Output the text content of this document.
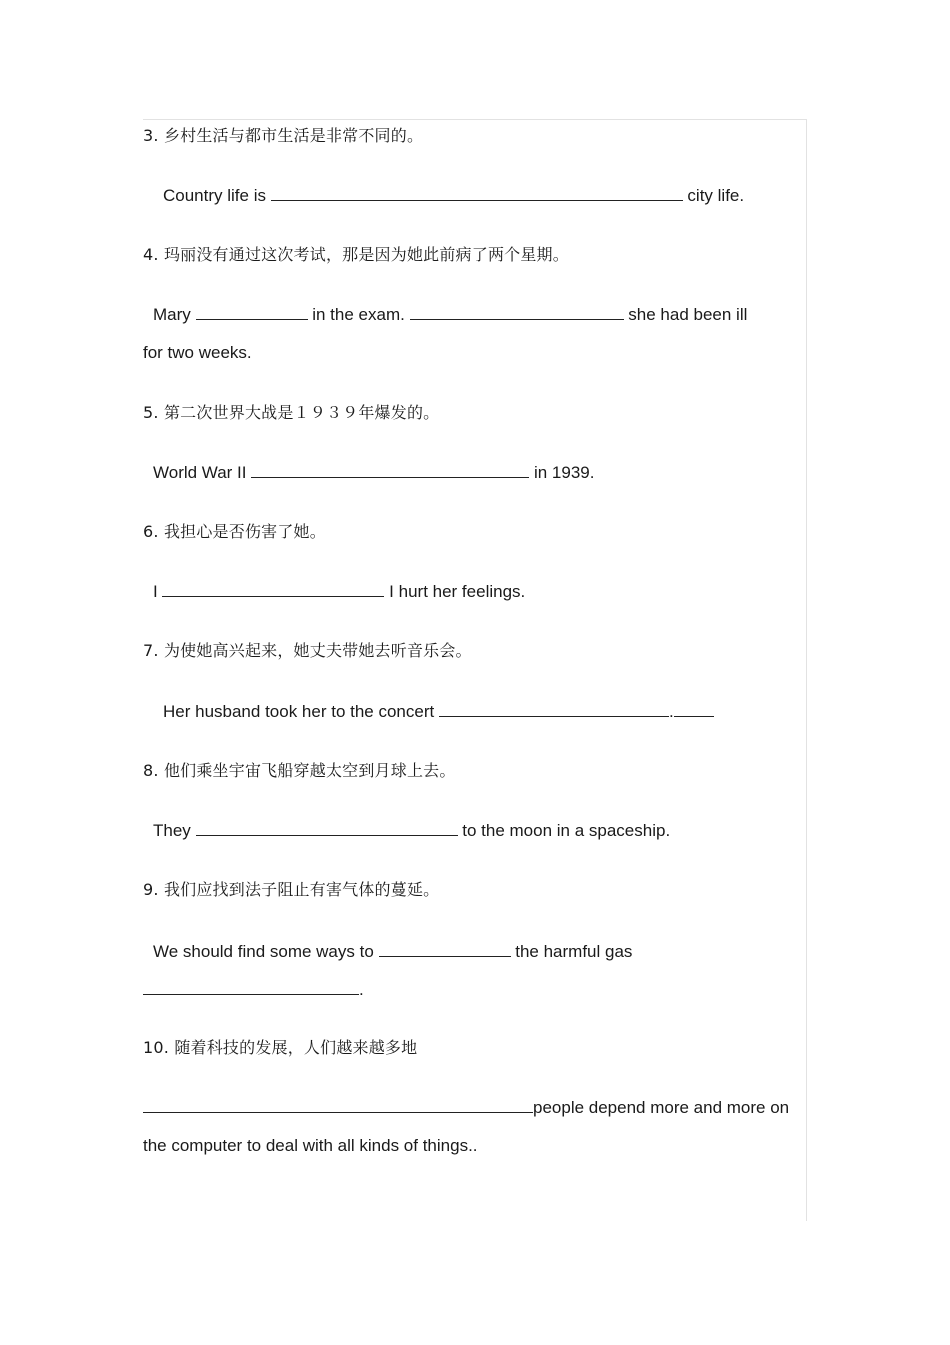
3. 乡村生活与都市生活是非常不同的。
Country life is	city life.
4. 玛丽没有通过这次考试，那是因为她此前病了两个星期。
Mary	in the exam.	she had been ill
for two weeks.
5. 第二次世界大战是１９３９年爆发的。
World War II	in 1939.
6. 我担心是否伤害了她。
I	I hurt her feelings.
7. 为使她高兴起来，她丈夫带她去听音乐会。
Her husband took her to the concert	.
8. 他们乘坐宇宙飞船穿越太空到月球上去。
They	to the moon in a spaceship.
9. 我们应找到法子阻止有害气体的蔓延。
We should find some ways to	the harmful gas
.
10. 随着科技的发展，人们越来越多地
people depend more and more on
the computer to deal with all kinds of things..
